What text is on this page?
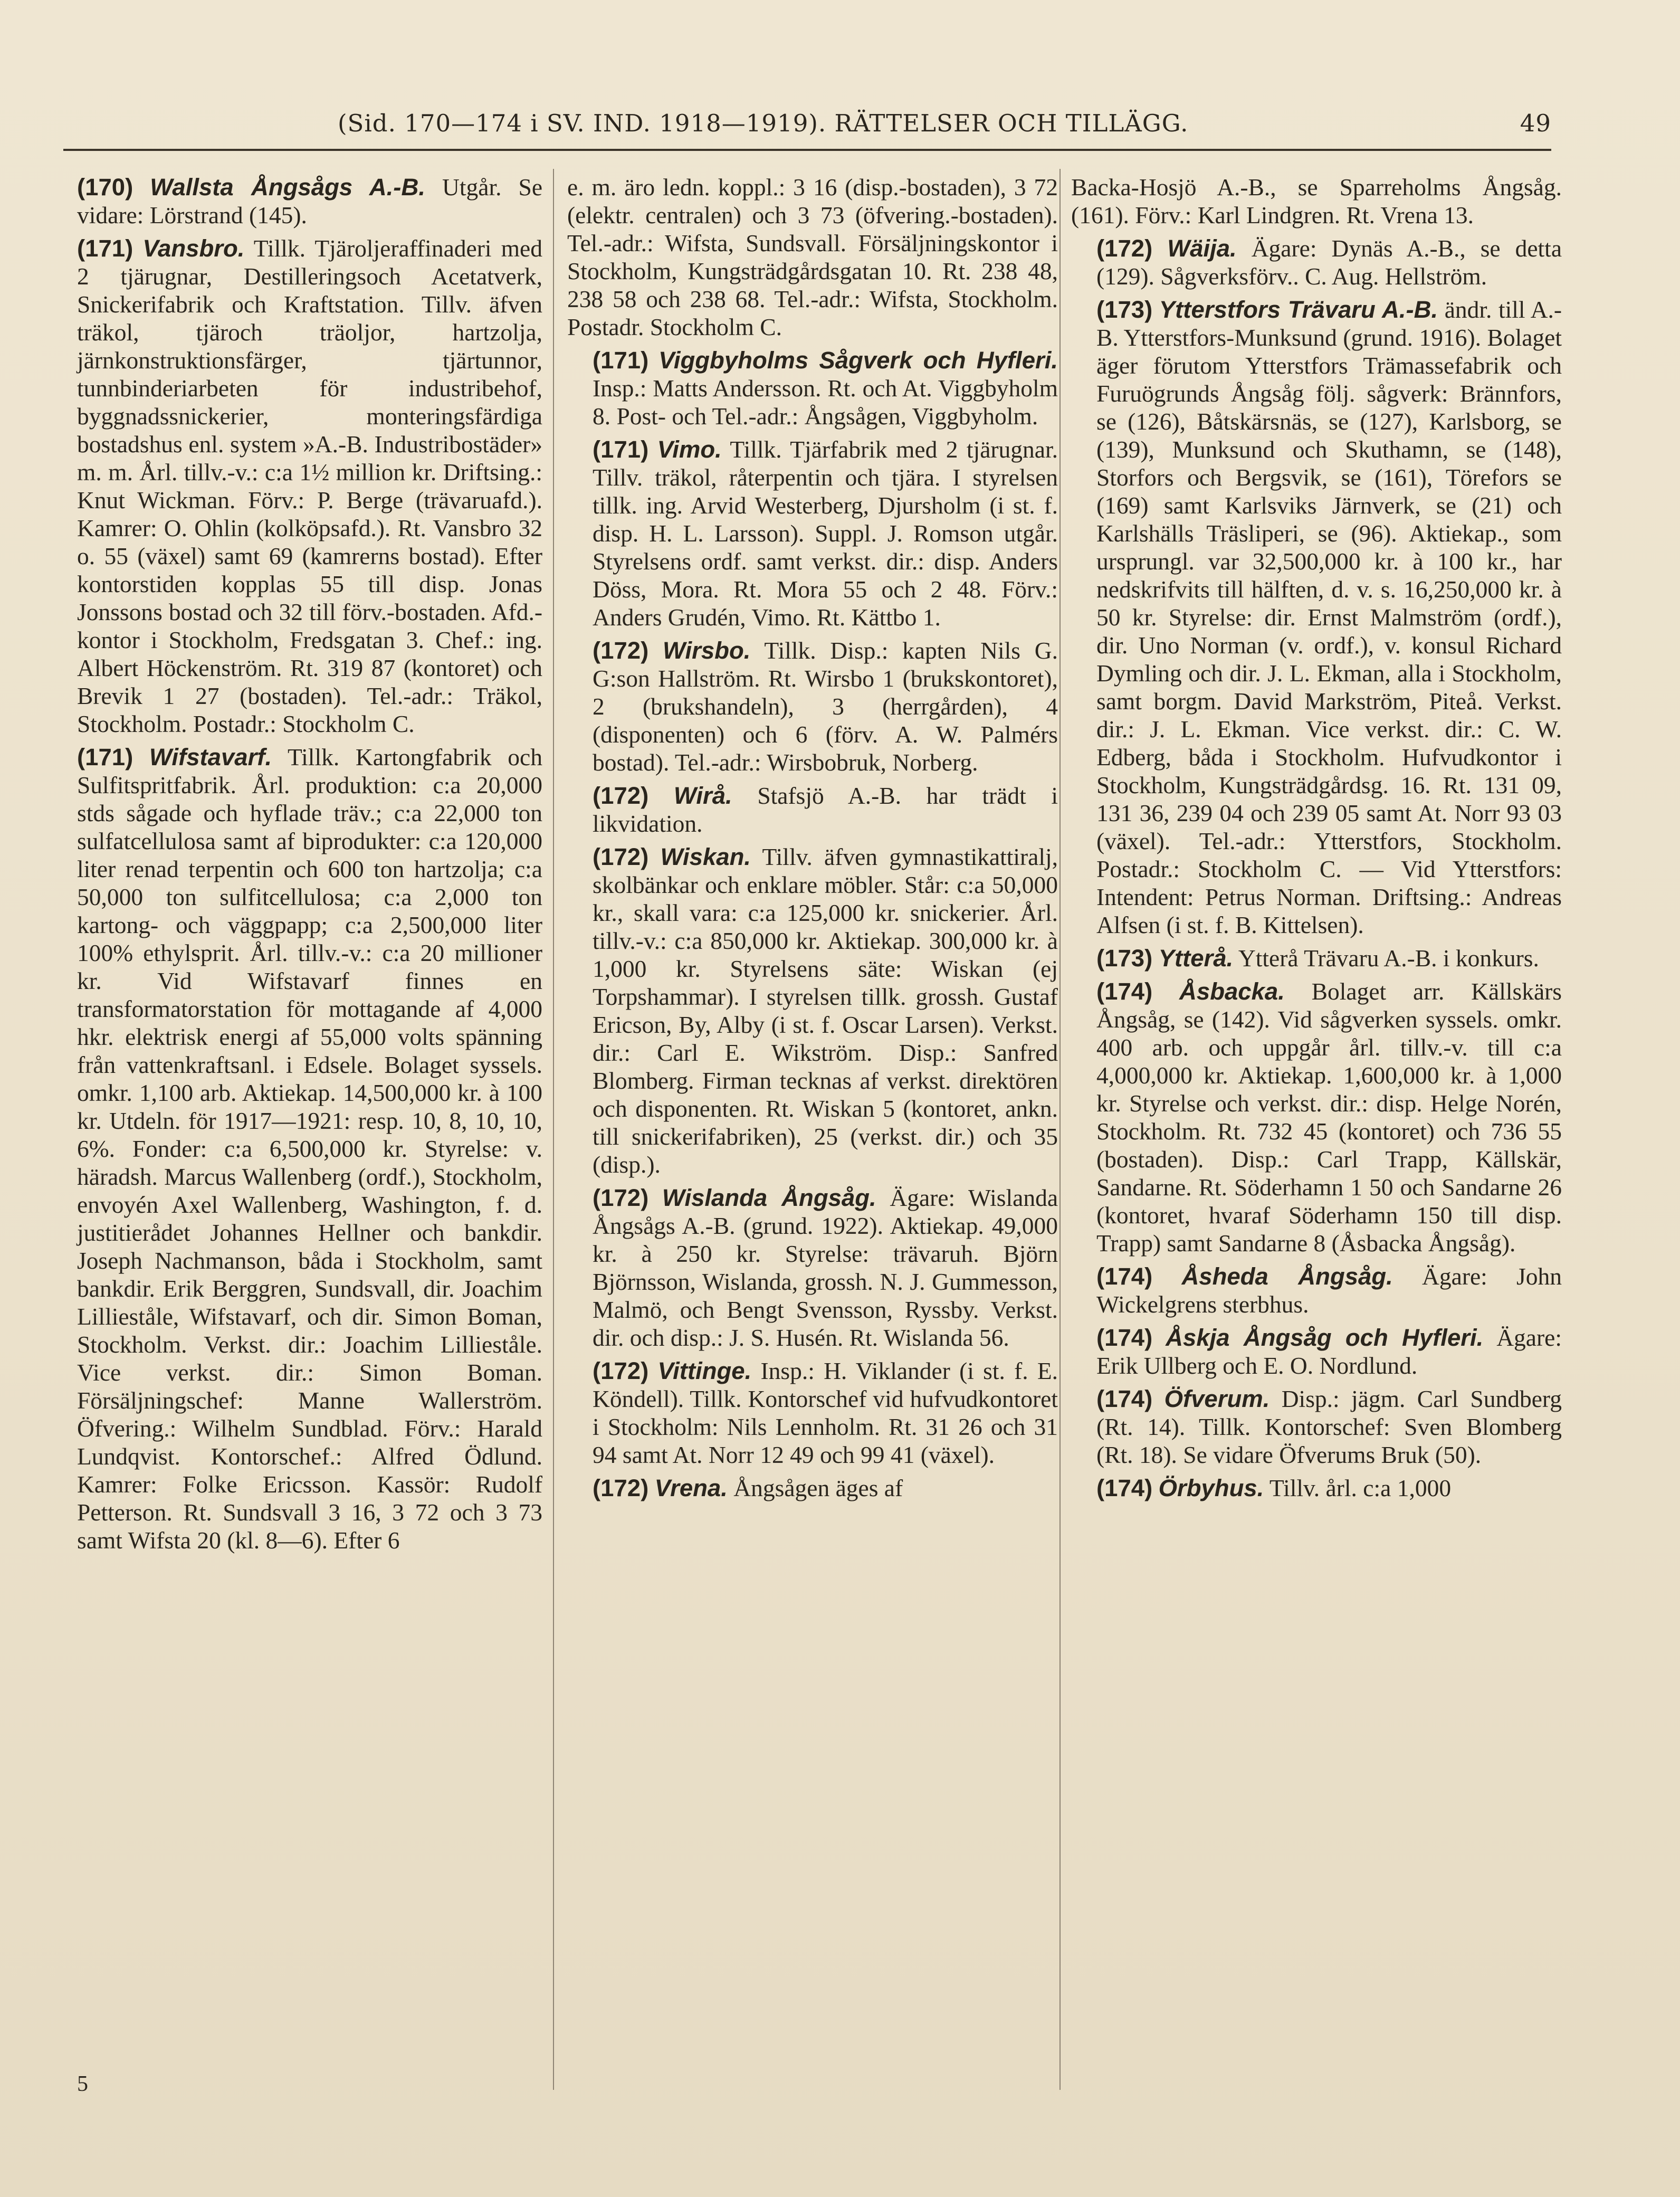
(Sid. 170—174 i SV. IND. 1918—1919). RÄTTELSER OCH TILLÄGG.	49

(170) Wallsta Ångsågs A.-B. Utgår. Se vidare: Lörstrand (145).

(171) Vansbro. Tillk. Tjäroljeraffinaderi med 2 tjärugnar, Destilleringsoch Acetatverk, Snickerifabrik och Kraftstation. Tillv. äfven träkol, tjäroch träoljor, hartzolja, järnkonstruktionsfärger, tjärtunnor, tunnbinderiarbeten för industribehof, byggnadssnickerier, monteringsfärdiga bostadshus enl. system »A.-B. Industribostäder» m. m. Årl. tillv.-v.: c:a 1½ million kr. Driftsing.: Knut Wickman. Förv.: P. Berge (trävaruafd.). Kamrer: O. Ohlin (kolköpsafd.). Rt. Vansbro 32 o. 55 (växel) samt 69 (kamrerns bostad). Efter kontorstiden kopplas 55 till disp. Jonas Jonssons bostad och 32 till förv.-bostaden. Afd.-kontor i Stockholm, Fredsgatan 3. Chef.: ing. Albert Höckenström. Rt. 319 87 (kontoret) och Brevik 1 27 (bostaden). Tel.-adr.: Träkol, Stockholm. Postadr.: Stockholm C.

(171) Wifstavarf. Tillk. Kartongfabrik och Sulfitspritfabrik. Årl. produktion: c:a 20,000 stds sågade och hyflade träv.; c:a 22,000 ton sulfatcellulosa samt af biprodukter: c:a 120,000 liter renad terpentin och 600 ton hartzolja; c:a 50,000 ton sulfitcellulosa; c:a 2,000 ton kartong- och väggpapp; c:a 2,500,000 liter 100% ethylsprit. Årl. tillv.-v.: c:a 20 millioner kr. Vid Wifstavarf finnes en transformatorstation för mottagande af 4,000 hkr. elektrisk energi af 55,000 volts spänning från vattenkraftsanl. i Edsele. Bolaget syssels. omkr. 1,100 arb. Aktiekap. 14,500,000 kr. à 100 kr. Utdeln. för 1917—1921: resp. 10, 8, 10, 10, 6%. Fonder: c:a 6,500,000 kr. Styrelse: v. häradsh. Marcus Wallenberg (ordf.), Stockholm, envoyén Axel Wallenberg, Washington, f. d. justitierådet Johannes Hellner och bankdir. Joseph Nachmanson, båda i Stockholm, samt bankdir. Erik Berggren, Sundsvall, dir. Joachim Lillieståle, Wifstavarf, och dir. Simon Boman, Stockholm. Verkst. dir.: Joachim Lillieståle. Vice verkst. dir.: Simon Boman. Försäljningschef: Manne Wallerström. Öfvering.: Wilhelm Sundblad. Förv.: Harald Lundqvist. Kontorschef.: Alfred Ödlund. Kamrer: Folke Ericsson. Kassör: Rudolf Petterson. Rt. Sundsvall 3 16, 3 72 och 3 73 samt Wifsta 20 (kl. 8—6). Efter 6

e. m. äro ledn. koppl.: 3 16 (disp.-bostaden), 3 72 (elektr. centralen) och 3 73 (öfvering.-bostaden). Tel.-adr.: Wifsta, Sundsvall. Försäljningskontor i Stockholm, Kungsträdgårdsgatan 10. Rt. 238 48, 238 58 och 238 68. Tel.-adr.: Wifsta, Stockholm. Postadr. Stockholm C.

(171) Viggbyholms Sågverk och Hyfleri. Insp.: Matts Andersson. Rt. och At. Viggbyholm 8. Post- och Tel.-adr.: Ångsågen, Viggbyholm.

(171) Vimo. Tillk. Tjärfabrik med 2 tjärugnar. Tillv. träkol, råterpentin och tjära. I styrelsen tillk. ing. Arvid Westerberg, Djursholm (i st. f. disp. H. L. Larsson). Suppl. J. Romson utgår. Styrelsens ordf. samt verkst. dir.: disp. Anders Döss, Mora. Rt. Mora 55 och 2 48. Förv.: Anders Grudén, Vimo. Rt. Kättbo 1.

(172) Wirsbo. Tillk. Disp.: kapten Nils G. G:son Hallström. Rt. Wirsbo 1 (brukskontoret), 2 (brukshandeln), 3 (herrgården), 4 (disponenten) och 6 (förv. A. W. Palmérs bostad). Tel.-adr.: Wirsbobruk, Norberg.

(172) Wirå. Stafsjö A.-B. har trädt i likvidation.

(172) Wiskan. Tillv. äfven gymnastikattiralj, skolbänkar och enklare möbler. Står: c:a 50,000 kr., skall vara: c:a 125,000 kr. snickerier. Årl. tillv.-v.: c:a 850,000 kr. Aktiekap. 300,000 kr. à 1,000 kr. Styrelsens säte: Wiskan (ej Torpshammar). I styrelsen tillk. grossh. Gustaf Ericson, By, Alby (i st. f. Oscar Larsen). Verkst. dir.: Carl E. Wikström. Disp.: Sanfred Blomberg. Firman tecknas af verkst. direktören och disponenten. Rt. Wiskan 5 (kontoret, ankn. till snickerifabriken), 25 (verkst. dir.) och 35 (disp.).

(172) Wislanda Ångsåg. Ägare: Wislanda Ångsågs A.-B. (grund. 1922). Aktiekap. 49,000 kr. à 250 kr. Styrelse: trävaruh. Björn Björnsson, Wislanda, grossh. N. J. Gummesson, Malmö, och Bengt Svensson, Ryssby. Verkst. dir. och disp.: J. S. Husén. Rt. Wislanda 56.

(172) Vittinge. Insp.: H. Viklander (i st. f. E. Köndell). Tillk. Kontorschef vid hufvudkontoret i Stockholm: Nils Lennholm. Rt. 31 26 och 31 94 samt At. Norr 12 49 och 99 41 (växel).

(172) Vrena. Ångsågen äges af

Backa-Hosjö A.-B., se Sparreholms Ångsåg. (161). Förv.: Karl Lindgren. Rt. Vrena 13.

(172) Wäija. Ägare: Dynäs A.-B., se detta (129). Sågverksförv.. C. Aug. Hellström.

(173) Ytterstfors Trävaru A.-B. ändr. till A.-B. Ytterstfors-Munksund (grund. 1916). Bolaget äger förutom Ytterstfors Trämassefabrik och Furuögrunds Ångsåg följ. sågverk: Brännfors, se (126), Båtskärsnäs, se (127), Karlsborg, se (139), Munksund och Skuthamn, se (148), Storfors och Bergsvik, se (161), Törefors se (169) samt Karlsviks Järnverk, se (21) och Karlshälls Träsliperi, se (96). Aktiekap., som ursprungl. var 32,500,000 kr. à 100 kr., har nedskrifvits till hälften, d. v. s. 16,250,000 kr. à 50 kr. Styrelse: dir. Ernst Malmström (ordf.), dir. Uno Norman (v. ordf.), v. konsul Richard Dymling och dir. J. L. Ekman, alla i Stockholm, samt borgm. David Markström, Piteå. Verkst. dir.: J. L. Ekman. Vice verkst. dir.: C. W. Edberg, båda i Stockholm. Hufvudkontor i Stockholm, Kungsträdgårdsg. 16. Rt. 131 09, 131 36, 239 04 och 239 05 samt At. Norr 93 03 (växel). Tel.-adr.: Ytterstfors, Stockholm. Postadr.: Stockholm C. — Vid Ytterstfors: Intendent: Petrus Norman. Driftsing.: Andreas Alfsen (i st. f. B. Kittelsen).

(173) Ytterå. Ytterå Trävaru A.-B. i konkurs.

(174) Åsbacka. Bolaget arr. Källskärs Ångsåg, se (142). Vid sågverken syssels. omkr. 400 arb. och uppgår årl. tillv.-v. till c:a 4,000,000 kr. Aktiekap. 1,600,000 kr. à 1,000 kr. Styrelse och verkst. dir.: disp. Helge Norén, Stockholm. Rt. 732 45 (kontoret) och 736 55 (bostaden). Disp.: Carl Trapp, Källskär, Sandarne. Rt. Söderhamn 1 50 och Sandarne 26 (kontoret, hvaraf Söderhamn 150 till disp. Trapp) samt Sandarne 8 (Åsbacka Ångsåg).

(174) Åsheda Ångsåg. Ägare: John Wickelgrens sterbhus.

(174) Åskja Ångsåg och Hyfleri. Ägare: Erik Ullberg och E. O. Nordlund.

(174) Öfverum. Disp.: jägm. Carl Sundberg (Rt. 14). Tillk. Kontorschef: Sven Blomberg (Rt. 18). Se vidare Öfverums Bruk (50).

(174) Örbyhus. Tillv. årl. c:a 1,000

5
